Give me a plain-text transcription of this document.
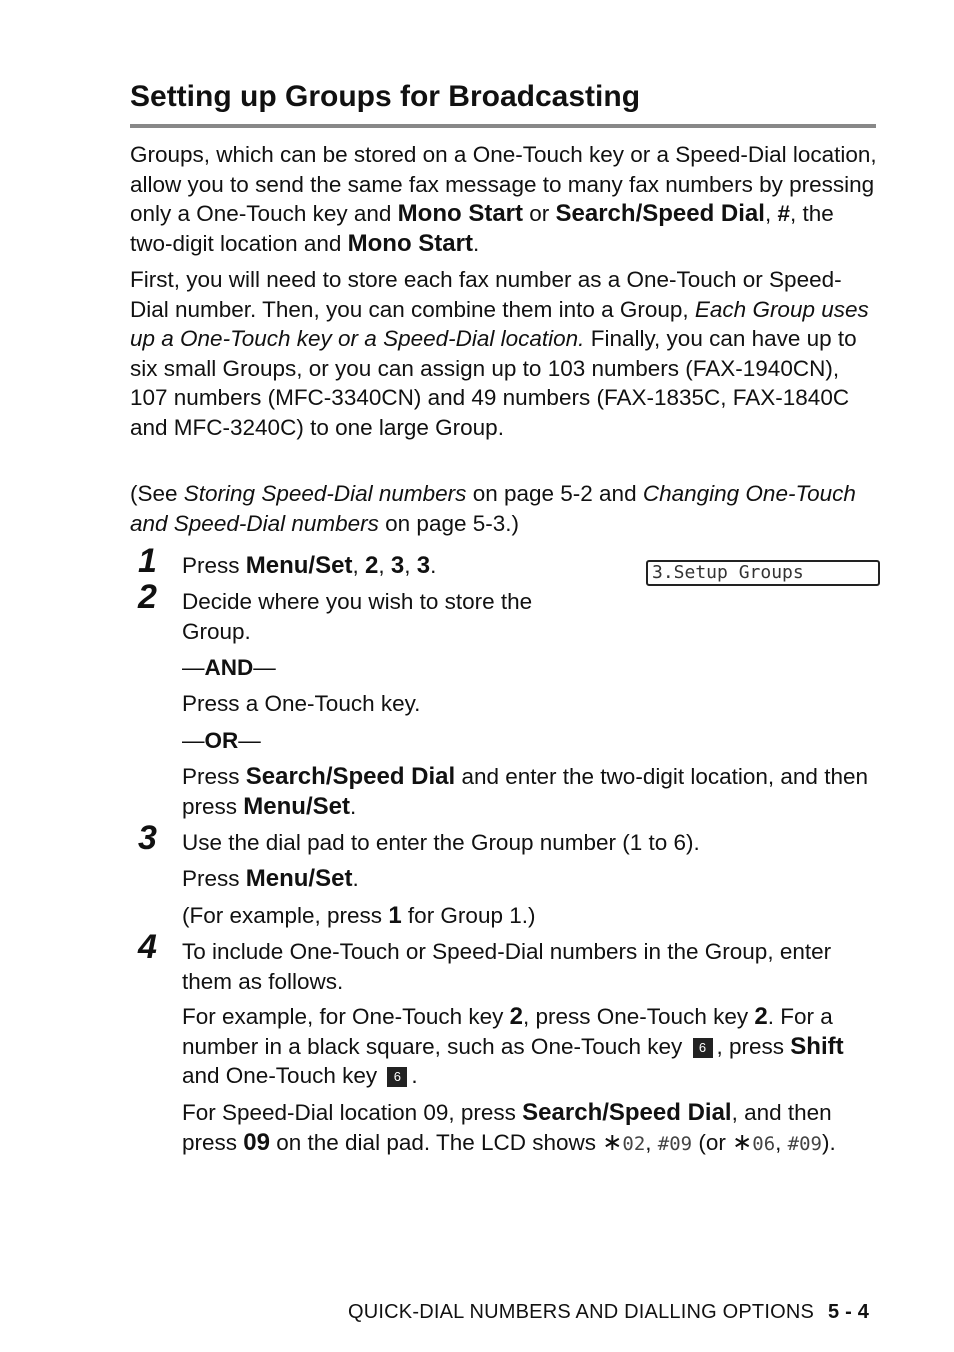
Setting up Groups for Broadcasting

Groups, which can be stored on a One-Touch key or a Speed-Dial location, allow you to send the same fax message to many fax numbers by pressing only a One-Touch key and Mono Start or Search/Speed Dial, #, the two-digit location and Mono Start.

First, you will need to store each fax number as a One-Touch or Speed-Dial number. Then, you can combine them into a Group, Each Group uses up a One-Touch key or a Speed-Dial location. Finally, you can have up to six small Groups, or you can assign up to 103 numbers (FAX-1940CN), 107 numbers (MFC-3340CN) and 49 numbers (FAX-1835C, FAX-1840C and MFC-3240C) to one large Group.

(See Storing Speed-Dial numbers on page 5-2 and Changing One-Touch and Speed-Dial numbers on page 5-3.)

1 Press Menu/Set, 2, 3, 3.	3.Setup Groups
2 Decide where you wish to store the Group.

—AND—

Press a One-Touch key.

—OR—

Press Search/Speed Dial and enter the two-digit location, and then press Menu/Set.

3 Use the dial pad to enter the Group number (1 to 6).

Press Menu/Set.

(For example, press 1 for Group 1.)

4 To include One-Touch or Speed-Dial numbers in the Group, enter them as follows.

For example, for One-Touch key 2, press One-Touch key 2. For a number in a black square, such as One-Touch key 6 , press Shift and One-Touch key 6 .

For Speed-Dial location 09, press Search/Speed Dial, and then press 09 on the dial pad. The LCD shows ∗02, #09 (or ∗06, #09).

QUICK-DIAL NUMBERS AND DIALLING OPTIONS 5 - 4
